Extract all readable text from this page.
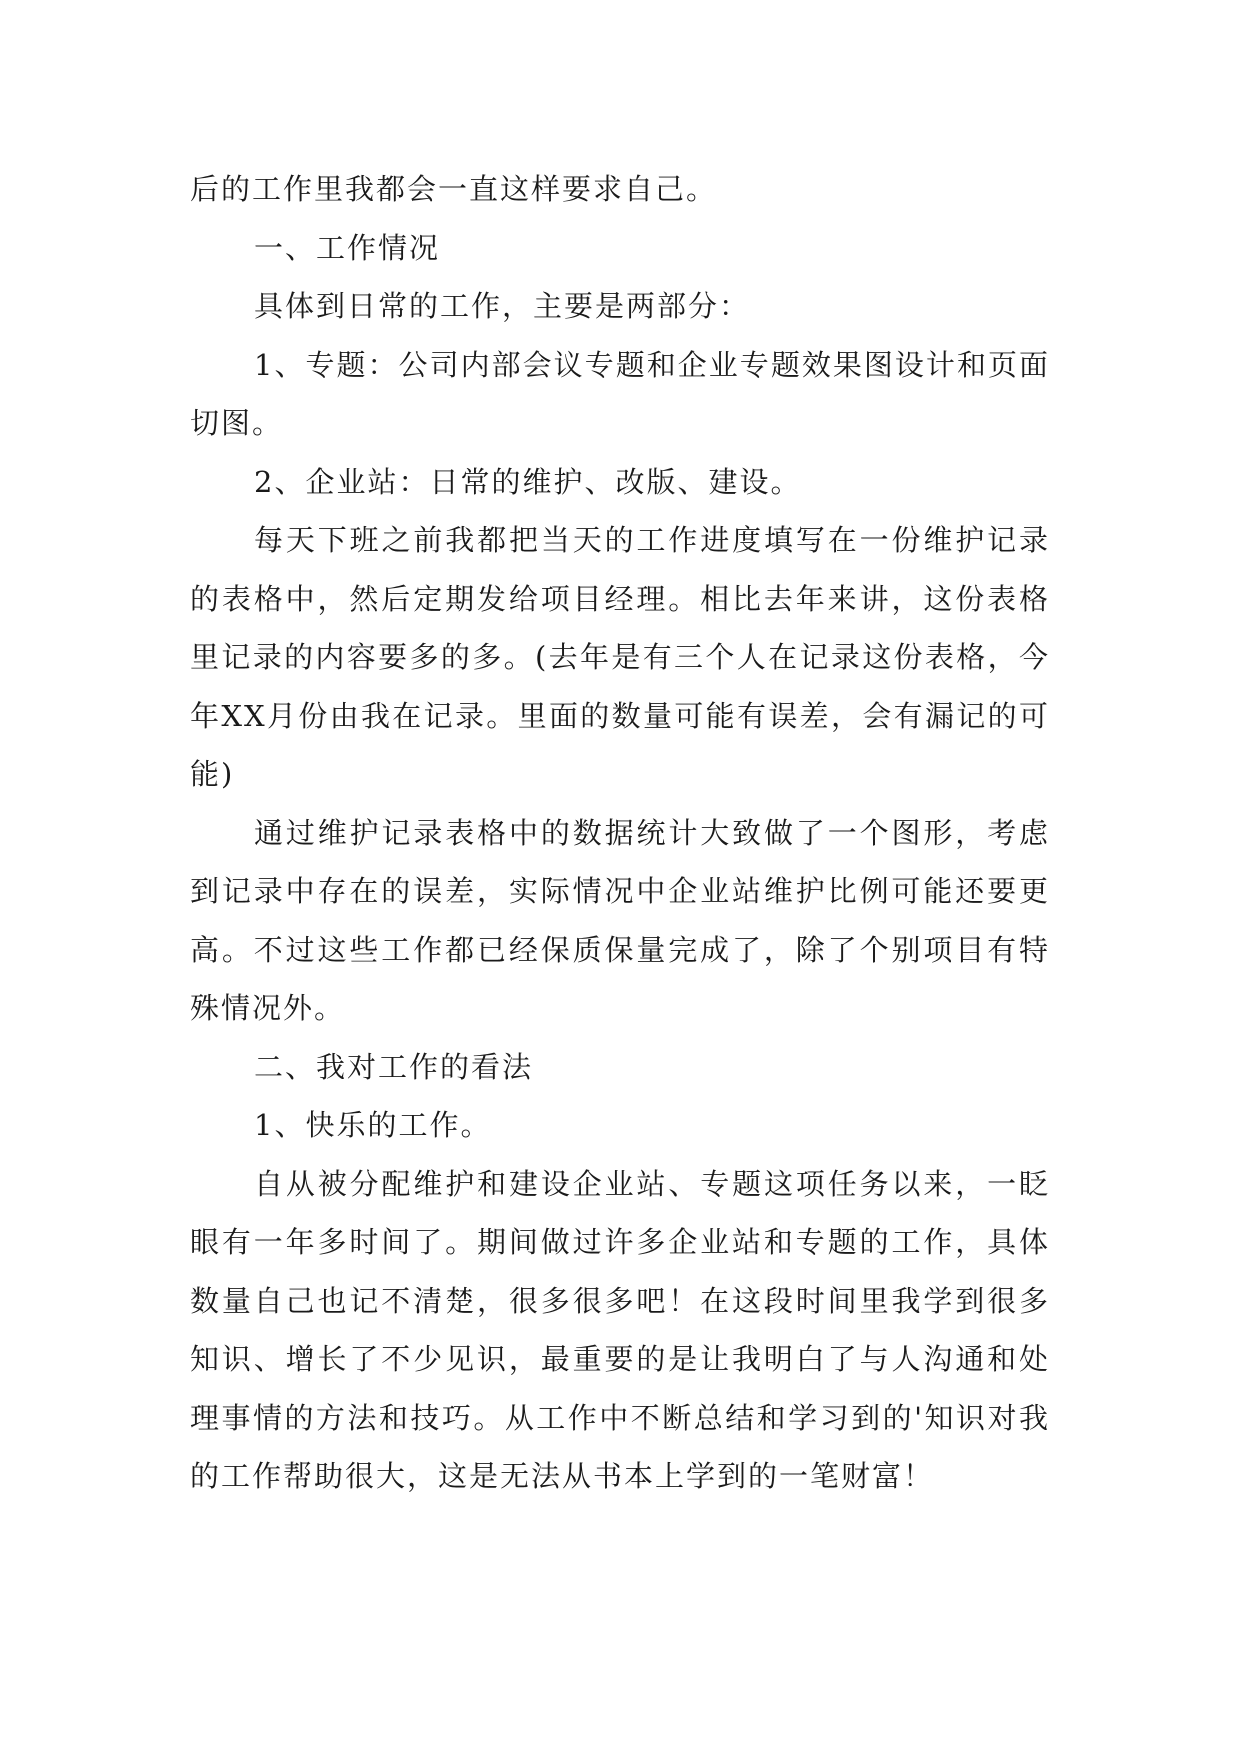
后的工作里我都会一直这样要求自己。

一、工作情况

具体到日常的工作，主要是两部分：

1、专题：公司内部会议专题和企业专题效果图设计和页面切图。

2、企业站：日常的维护、改版、建设。

每天下班之前我都把当天的工作进度填写在一份维护记录的表格中，然后定期发给项目经理。相比去年来讲，这份表格里记录的内容要多的多。(去年是有三个人在记录这份表格，今年XX月份由我在记录。里面的数量可能有误差，会有漏记的可能)

通过维护记录表格中的数据统计大致做了一个图形，考虑到记录中存在的误差，实际情况中企业站维护比例可能还要更高。不过这些工作都已经保质保量完成了，除了个别项目有特殊情况外。

二、我对工作的看法

1、快乐的工作。

自从被分配维护和建设企业站、专题这项任务以来，一眨眼有一年多时间了。期间做过许多企业站和专题的工作，具体数量自己也记不清楚，很多很多吧！在这段时间里我学到很多知识、增长了不少见识，最重要的是让我明白了与人沟通和处理事情的方法和技巧。从工作中不断总结和学习到的'知识对我的工作帮助很大，这是无法从书本上学到的一笔财富！
